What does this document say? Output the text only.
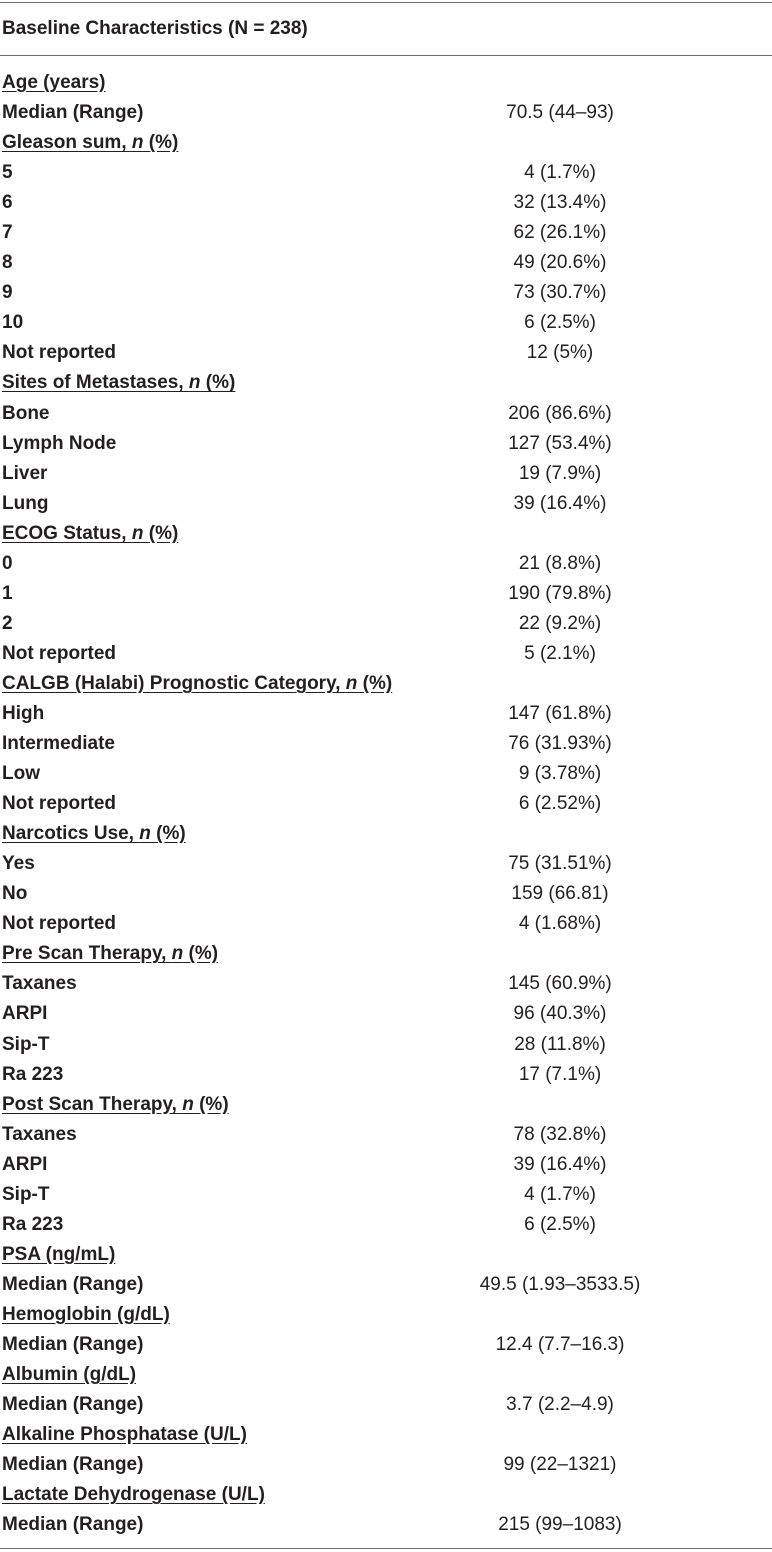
Baseline Characteristics (N = 238)
Age (years)
Median (Range)	70.5 (44–93)
Gleason sum, n (%)
5	4 (1.7%)
6	32 (13.4%)
7	62 (26.1%)
8	49 (20.6%)
9	73 (30.7%)
10	6 (2.5%)
Not reported	12 (5%)
Sites of Metastases, n (%)
Bone	206 (86.6%)
Lymph Node	127 (53.4%)
Liver	19 (7.9%)
Lung	39 (16.4%)
ECOG Status, n (%)
0	21 (8.8%)
1	190 (79.8%)
2	22 (9.2%)
Not reported	5 (2.1%)
CALGB (Halabi) Prognostic Category, n (%)
High	147 (61.8%)
Intermediate	76 (31.93%)
Low	9 (3.78%)
Not reported	6 (2.52%)
Narcotics Use, n (%)
Yes	75 (31.51%)
No	159 (66.81)
Not reported	4 (1.68%)
Pre Scan Therapy, n (%)
Taxanes	145 (60.9%)
ARPI	96 (40.3%)
Sip-T	28 (11.8%)
Ra 223	17 (7.1%)
Post Scan Therapy, n (%)
Taxanes	78 (32.8%)
ARPI	39 (16.4%)
Sip-T	4 (1.7%)
Ra 223	6 (2.5%)
PSA (ng/mL)
Median (Range)	49.5 (1.93–3533.5)
Hemoglobin (g/dL)
Median (Range)	12.4 (7.7–16.3)
Albumin (g/dL)
Median (Range)	3.7 (2.2–4.9)
Alkaline Phosphatase (U/L)
Median (Range)	99 (22–1321)
Lactate Dehydrogenase (U/L)
Median (Range)	215 (99–1083)
